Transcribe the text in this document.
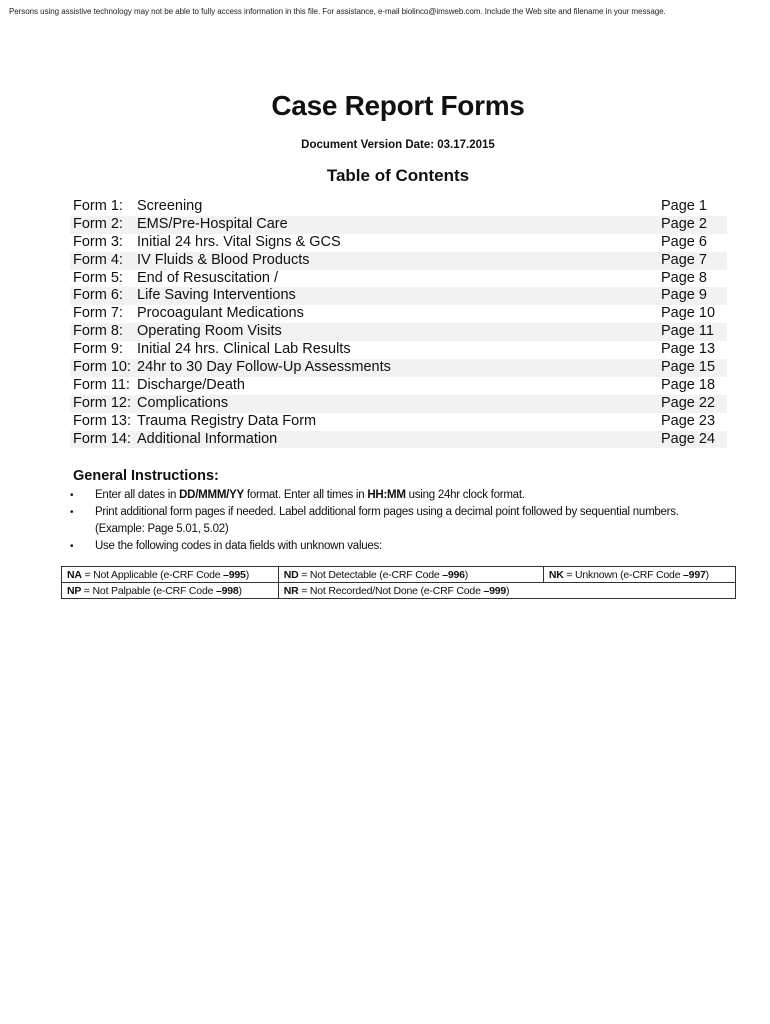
Persons using assistive technology may not be able to fully access information in this file. For assistance, e-mail biolinco@imsweb.com. Include the Web site and filename in your message.
Case Report Forms
Document Version Date: 03.17.2015
Table of Contents
Form 1: Screening	Page 1
Form 2: EMS/Pre-Hospital Care	Page 2
Form 3: Initial 24 hrs. Vital Signs & GCS	Page 6
Form 4: IV Fluids & Blood Products	Page 7
Form 5: End of Resuscitation /	Page 8
Form 6: Life Saving Interventions	Page 9
Form 7: Procoagulant Medications	Page 10
Form 8: Operating Room Visits	Page 11
Form 9: Initial 24 hrs. Clinical Lab Results	Page 13
Form 10: 24hr to 30 Day Follow-Up Assessments	Page 15
Form 11: Discharge/Death	Page 18
Form 12: Complications	Page 22
Form 13: Trauma Registry Data Form	Page 23
Form 14: Additional Information	Page 24
General Instructions:
• Enter all dates in DD/MMM/YY format. Enter all times in HH:MM using 24hr clock format.
• Print additional form pages if needed. Label additional form pages using a decimal point followed by sequential numbers.
(Example: Page 5.01, 5.02)
• Use the following codes in data fields with unknown values:
NA = Not Applicable (e-CRF Code –995)	ND = Not Detectable (e-CRF Code –996)	NK = Unknown (e-CRF Code –997)
NP = Not Palpable (e-CRF Code –998)	NR = Not Recorded/Not Done (e-CRF Code –999)	
